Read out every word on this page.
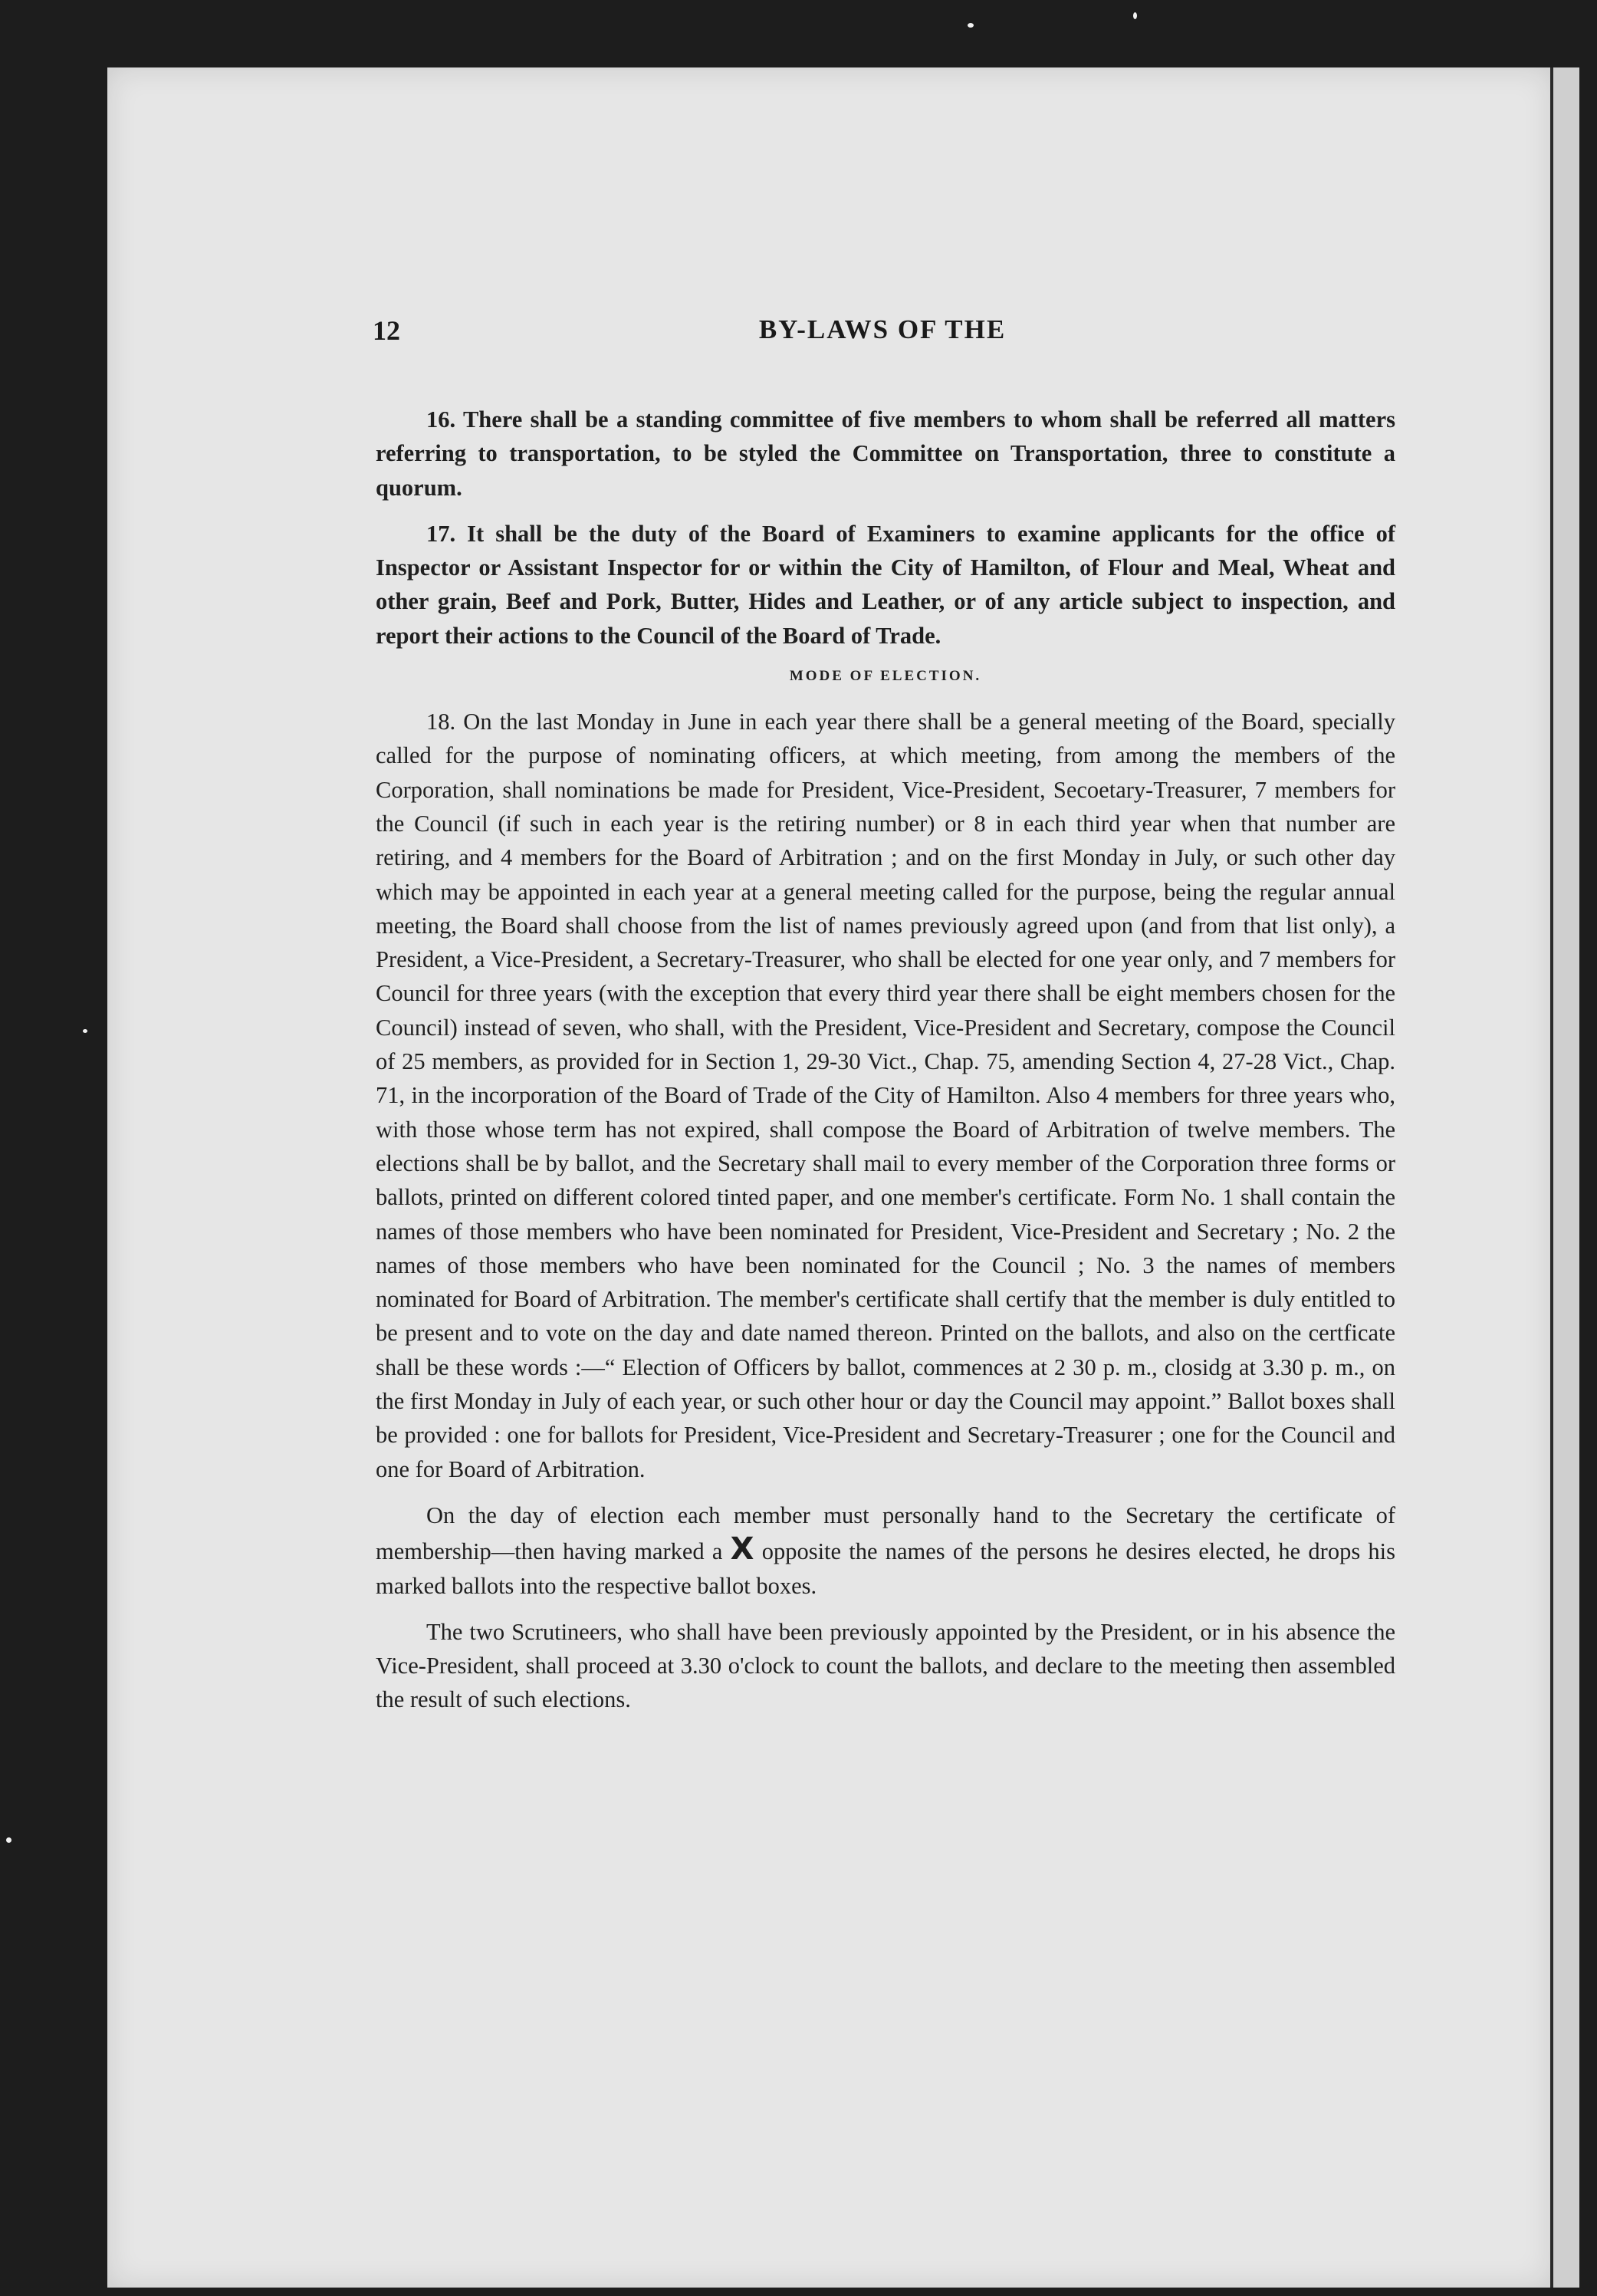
12	BY-LAWS OF THE

16. There shall be a standing committee of five members to whom shall be referred all matters referring to transportation, to be styled the Committee on Transportation, three to constitute a quorum.

17. It shall be the duty of the Board of Examiners to examine applicants for the office of Inspector or Assistant Inspector for or within the City of Hamilton, of Flour and Meal, Wheat and other grain, Beef and Pork, Butter, Hides and Leather, or of any article subject to inspection, and report their actions to the Council of the Board of Trade.

MODE OF ELECTION.

18. On the last Monday in June in each year there shall be a general meeting of the Board, specially called for the purpose of nominating officers, at which meeting, from among the members of the Corporation, shall nominations be made for President, Vice-President, Secoetary-Treasurer, 7 members for the Council (if such in each year is the retiring number) or 8 in each third year when that number are retiring, and 4 members for the Board of Arbitration ; and on the first Monday in July, or such other day which may be appointed in each year at a general meeting called for the purpose, being the regular annual meeting, the Board shall choose from the list of names previously agreed upon (and from that list only), a President, a Vice-President, a Secretary-Treasurer, who shall be elected for one year only, and 7 members for Council for three years (with the exception that every third year there shall be eight members chosen for the Council) instead of seven, who shall, with the President, Vice-President and Secretary, compose the Council of 25 members, as provided for in Section 1, 29-30 Vict., Chap. 75, amending Section 4, 27-28 Vict., Chap. 71, in the incorporation of the Board of Trade of the City of Hamilton. Also 4 members for three years who, with those whose term has not expired, shall compose the Board of Arbitration of twelve members. The elections shall be by ballot, and the Secretary shall mail to every member of the Corporation three forms or ballots, printed on different colored tinted paper, and one member's certificate. Form No. 1 shall contain the names of those members who have been nominated for President, Vice-President and Secretary ; No. 2 the names of those members who have been nominated for the Council ; No. 3 the names of members nominated for Board of Arbitration. The member's certificate shall certify that the member is duly entitled to be present and to vote on the day and date named thereon. Printed on the ballots, and also on the certficate shall be these words :—“ Election of Officers by ballot, commences at 2 30 p. m., closidg at 3.30 p. m., on the first Monday in July of each year, or such other hour or day the Council may appoint.” Ballot boxes shall be provided : one for ballots for President, Vice-President and Secretary-Treasurer ; one for the Council and one for Board of Arbitration.

On the day of election each member must personally hand to the Secretary the certificate of membership—then having marked a X opposite the names of the persons he desires elected, he drops his marked ballots into the respective ballot boxes.

The two Scrutineers, who shall have been previously appointed by the President, or in his absence the Vice-President, shall proceed at 3.30 o'clock to count the ballots, and declare to the meeting then assembled the result of such elections.
